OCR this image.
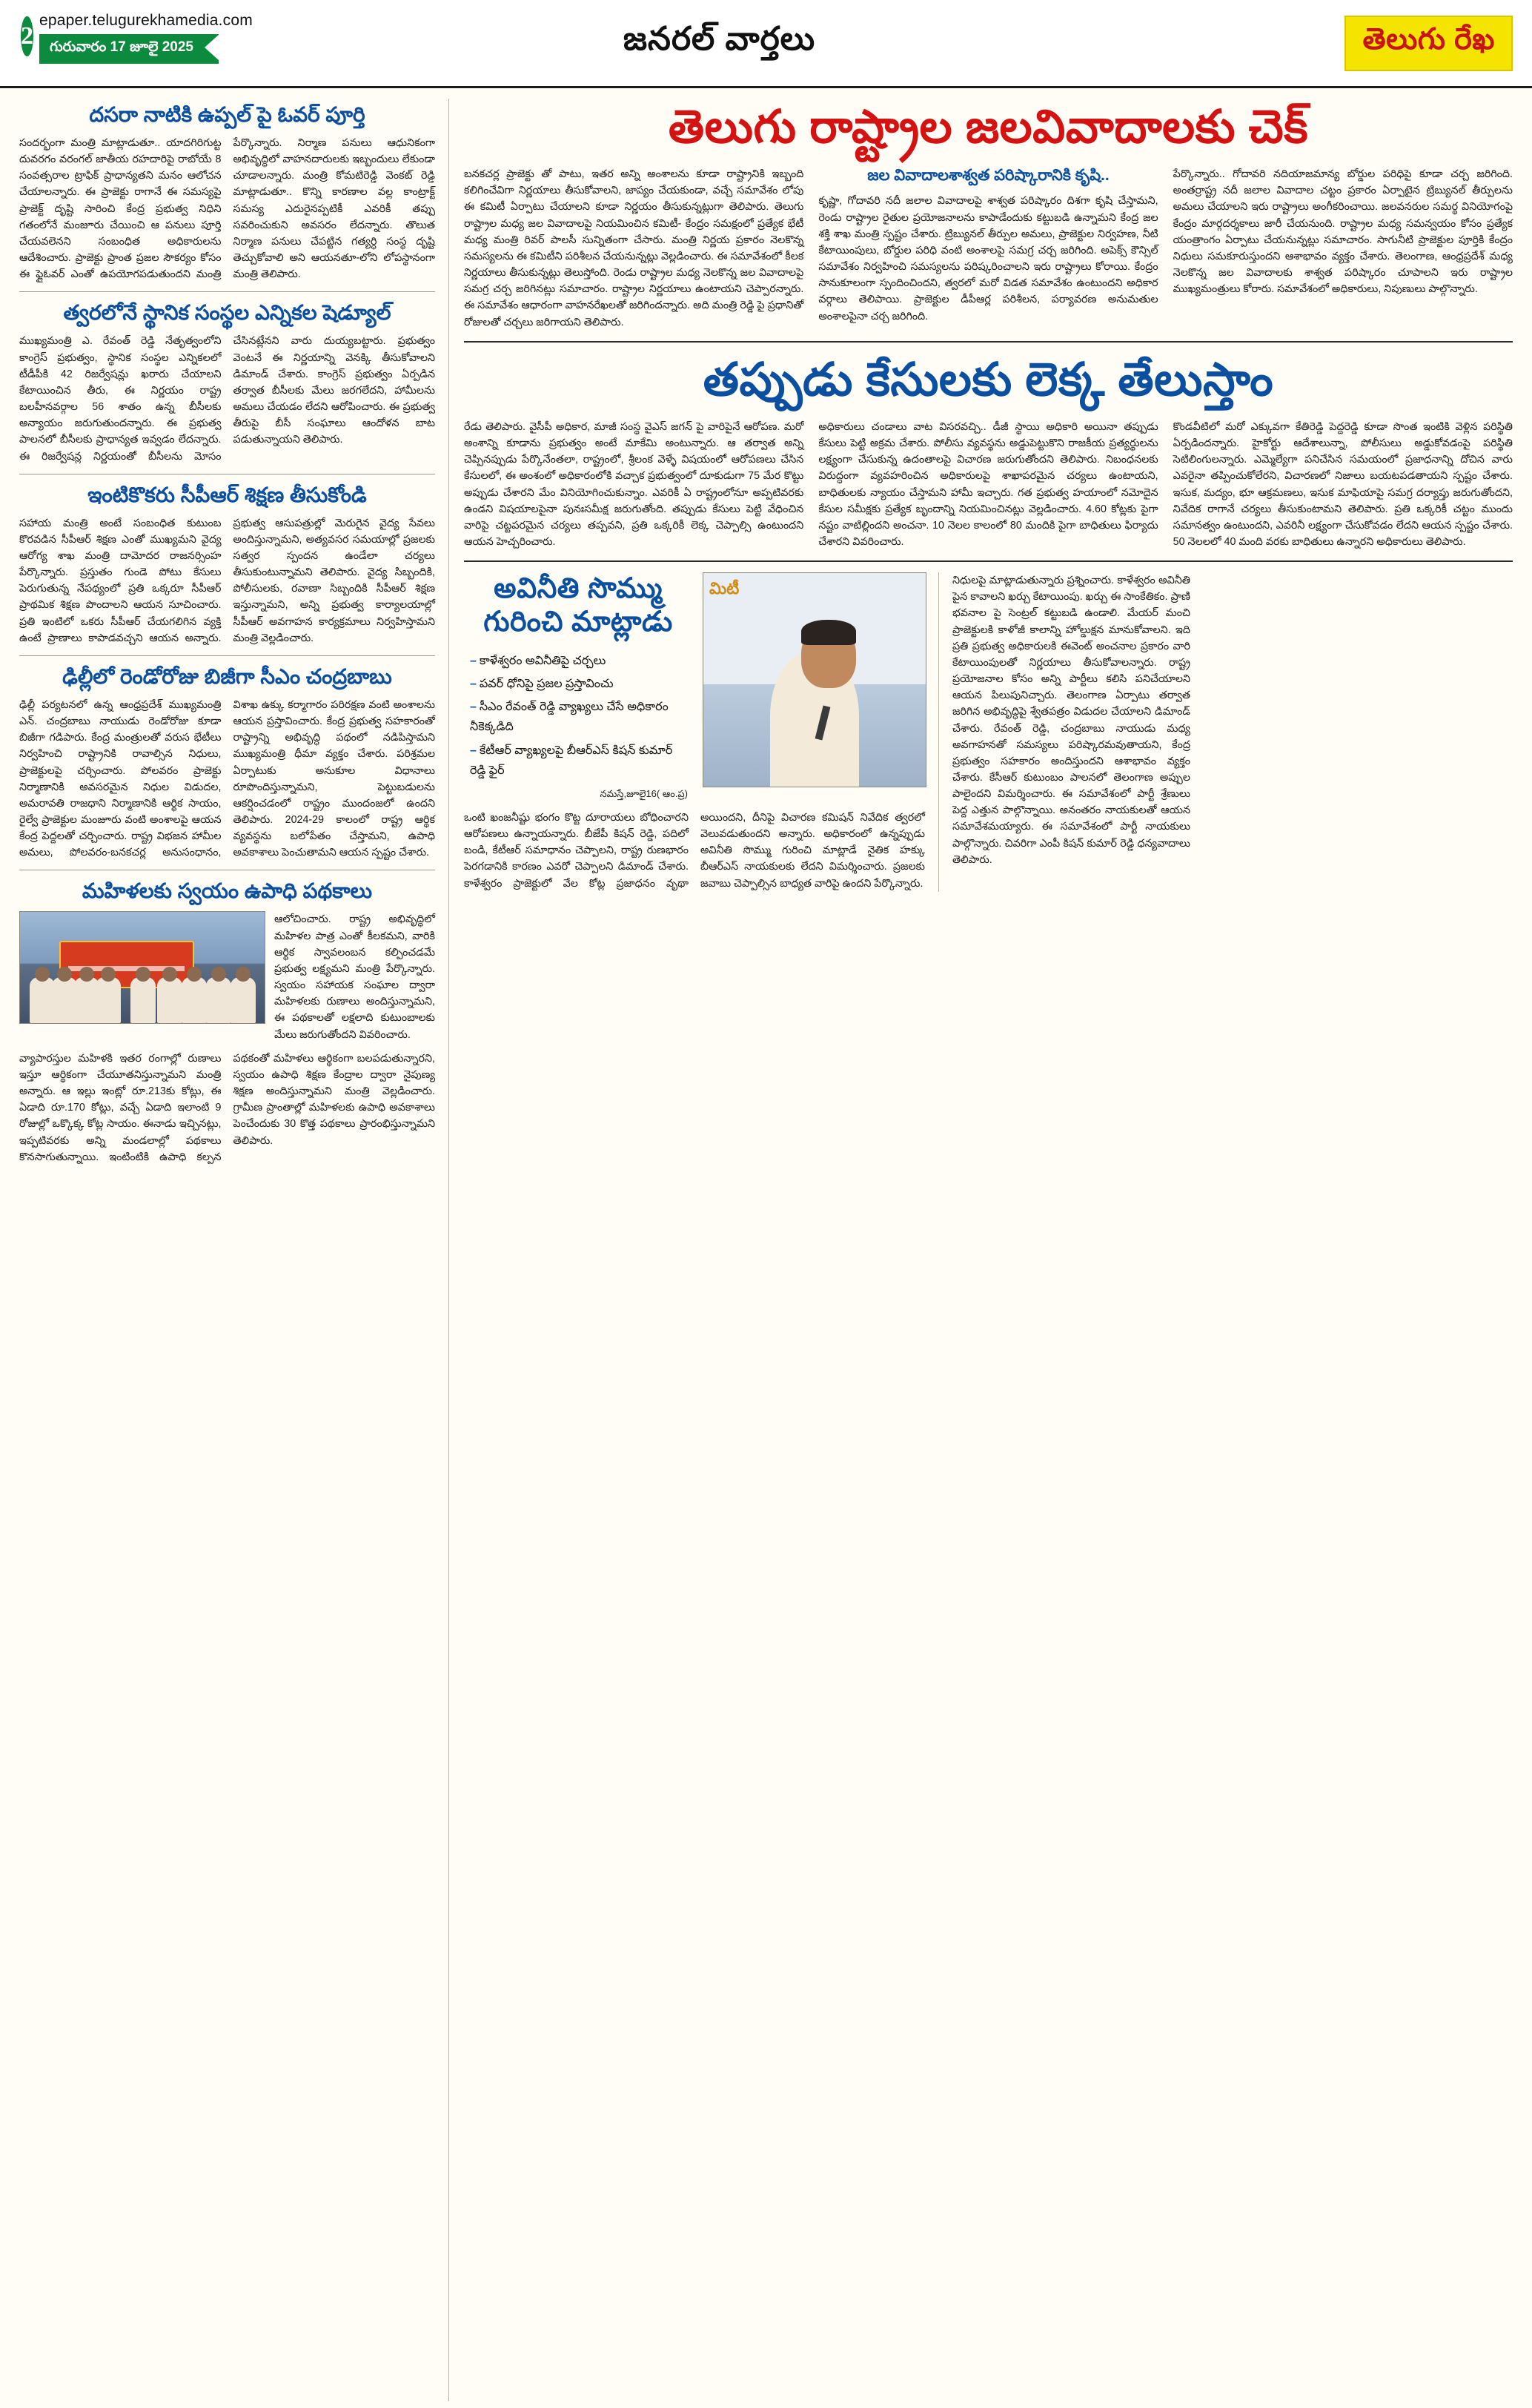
2
epaper.telugurekhamedia.com
గురువారం 17 జూలై 2025	జనరల్ వార్తలు	తెలుగు రేఖ
దసరా నాటికి ఉప్పల్ పై ఓవర్ పూర్తి
సందర్భంగా మంత్రి మాట్లాడుతూ.. యాదగిరిగుట్ట దువరగం వరంగల్ జాతీయ రహదారిపై రాబోయే 8 సంవత్సరాల ట్రాఫిక్ ప్రాధాన్యతని మనం ఆలోచన చేయాలన్నారు. ఈ ప్రాజెక్టు రాగానే ఈ సమస్యపై ప్రాజెక్ట్ దృష్టి సారించి కేంద్ర ప్రభుత్వ నిధిని గతంలోనే మంజూరు చేయించి ఆ పనులు పూర్తి చేయవలెనని సంబంధిత అధికారులను ఆదేశించారు. ప్రాజెక్టు ప్రాంత ప్రజల సౌకర్యం కోసం ఈ ఫ్లైఓవర్ ఎంతో ఉపయోగపడుతుందని మంత్రి పేర్కొన్నారు. నిర్మాణ పనులు ఆధునికంగా అభివృద్ధిలో వాహనదారులకు ఇబ్బందులు లేకుండా చూడాలన్నారు. మంత్రి కోమటిరెడ్డి వెంకట్ రెడ్డి మాట్లాడుతూ.. కొన్ని కారణాల వల్ల కాంట్రాక్ట్ సమస్య ఎదురైనప్పటికీ ఎవరికీ తప్పు సవరించుకుని అవసరం లేదన్నారు. తొలుత నిర్మాణ పనులు చేపట్టిన గత్యర్ధి సంస్థ దృష్టి తెచ్చుకోవాలి అని ఆయనతూ-లోని లోపస్థానంగా మంత్రి తెలిపారు.
త్వరలోనే స్థానిక సంస్థల ఎన్నికల షెడ్యూల్
ముఖ్యమంత్రి ఎ. రేవంత్ రెడ్డి నేతృత్వంలోని కాంగ్రెస్ ప్రభుత్వం, స్థానిక సంస్థల ఎన్నికలలో టీడీపీకి 42 రిజర్వేషన్లు ఖరారు చేయాలని కేటాయించిన తీరు, ఈ నిర్ణయం రాష్ట్ర బలహీనవర్గాల 56 శాతం ఉన్న బీసీలకు అన్యాయం జరుగుతుందన్నారు. ఈ ప్రభుత్వ పాలనలో బీసీలకు ప్రాధాన్యత ఇవ్వడం లేదన్నారు. ఈ రిజర్వేషన్ల నిర్ణయంతో బీసీలను మోసం చేసినట్లేనని వారు దుయ్యబట్టారు. ప్రభుత్వం వెంటనే ఈ నిర్ణయాన్ని వెనక్కి తీసుకోవాలని డిమాండ్ చేశారు. కాంగ్రెస్ ప్రభుత్వం ఏర్పడిన తర్వాత బీసీలకు మేలు జరగలేదని, హామీలను అమలు చేయడం లేదని ఆరోపించారు. ఈ ప్రభుత్వ తీరుపై బీసీ సంఘాలు ఆందోళన బాట పడుతున్నాయని తెలిపారు.
ఇంటికొకరు సీపీఆర్ శిక్షణ తీసుకోండి
సహాయ మంత్రి అంటే సంబంధిత కుటుంబ కొరవడిన సీపీఆర్ శిక్షణ ఎంతో ముఖ్యమని వైద్య ఆరోగ్య శాఖ మంత్రి దామోదర రాజనర్సింహ పేర్కొన్నారు. ప్రస్తుతం గుండె పోటు కేసులు పెరుగుతున్న నేపథ్యంలో ప్రతి ఒక్కరూ సీపీఆర్ ప్రాథమిక శిక్షణ పొందాలని ఆయన సూచించారు. ప్రతి ఇంటిలో ఒకరు సీపీఆర్ చేయగలిగిన వ్యక్తి ఉంటే ప్రాణాలు కాపాడవచ్చని ఆయన అన్నారు. ప్రభుత్వ ఆసుపత్రుల్లో మెరుగైన వైద్య సేవలు అందిస్తున్నామని, అత్యవసర సమయాల్లో ప్రజలకు సత్వర స్పందన ఉండేలా చర్యలు తీసుకుంటున్నామని తెలిపారు. వైద్య సిబ్బందికి, పోలీసులకు, రవాణా సిబ్బందికి సీపీఆర్ శిక్షణ ఇస్తున్నామని, అన్ని ప్రభుత్వ కార్యాలయాల్లో సీపీఆర్ అవగాహన కార్యక్రమాలు నిర్వహిస్తామని మంత్రి వెల్లడించారు.
ఢిల్లీలో రెండోరోజు బిజీగా సీఎం చంద్రబాబు
ఢిల్లీ పర్యటనలో ఉన్న ఆంధ్రప్రదేశ్ ముఖ్యమంత్రి ఎన్. చంద్రబాబు నాయుడు రెండోరోజు కూడా బిజీగా గడిపారు. కేంద్ర మంత్రులతో వరుస భేటీలు నిర్వహించి రాష్ట్రానికి రావాల్సిన నిధులు, ప్రాజెక్టులపై చర్చించారు. పోలవరం ప్రాజెక్టు నిర్మాణానికి అవసరమైన నిధుల విడుదల, అమరావతి రాజధాని నిర్మాణానికి ఆర్థిక సాయం, రైల్వే ప్రాజెక్టుల మంజూరు వంటి అంశాలపై ఆయన కేంద్ర పెద్దలతో చర్చించారు. రాష్ట్ర విభజన హామీల అమలు, పోలవరం-బనకచర్ల అనుసంధానం, విశాఖ ఉక్కు కర్మాగారం పరిరక్షణ వంటి అంశాలను ఆయన ప్రస్తావించారు. కేంద్ర ప్రభుత్వ సహకారంతో రాష్ట్రాన్ని అభివృద్ధి పథంలో నడిపిస్తామని ముఖ్యమంత్రి ధీమా వ్యక్తం చేశారు. పరిశ్రమల ఏర్పాటుకు అనుకూల విధానాలు రూపొందిస్తున్నామని, పెట్టుబడులను ఆకర్షించడంలో రాష్ట్రం ముందంజలో ఉందని తెలిపారు. 2024-29 కాలంలో రాష్ట్ర ఆర్థిక వ్యవస్థను బలోపేతం చేస్తామని, ఉపాధి అవకాశాలు పెంచుతామని ఆయన స్పష్టం చేశారు.
మహిళలకు స్వయం ఉపాధి పథకాలు
ఆలోచించారు. రాష్ట్ర అభివృద్ధిలో మహిళల పాత్ర ఎంతో కీలకమని, వారికి ఆర్థిక స్వావలంబన కల్పించడమే ప్రభుత్వ లక్ష్యమని మంత్రి పేర్కొన్నారు. స్వయం సహాయక సంఘాల ద్వారా మహిళలకు రుణాలు అందిస్తున్నామని, ఈ పథకాలతో లక్షలాది కుటుంబాలకు మేలు జరుగుతోందని వివరించారు.
వ్యాపారస్తుల మహిళకి ఇతర రంగాల్లో రుణాలు ఇస్తూ ఆర్థికంగా చేయూతనిస్తున్నామని మంత్రి అన్నారు. ఆ ఇల్లు ఇంట్లో రూ.213కు కోట్లు, ఈ ఏడాది రూ.170 కోట్లు, వచ్చే ఏడాది ఇలాంటి 9 రోజుల్లో ఒక్కొక్క కోట్ల సాయం. ఈనాడు ఇచ్చినట్లు, ఇప్పటివరకు అన్ని మండలాల్లో పథకాలు కొనసాగుతున్నాయి. ఇంటింటికి ఉపాధి కల్పన పథకంతో మహిళలు ఆర్థికంగా బలపడుతున్నారని, స్వయం ఉపాధి శిక్షణ కేంద్రాల ద్వారా నైపుణ్య శిక్షణ అందిస్తున్నామని మంత్రి వెల్లడించారు. గ్రామీణ ప్రాంతాల్లో మహిళలకు ఉపాధి అవకాశాలు పెంచేందుకు 30 కొత్త పథకాలు ప్రారంభిస్తున్నామని తెలిపారు.
తెలుగు రాష్ట్రాల జలవివాదాలకు చెక్
బనకచర్ల ప్రాజెక్టు తో పాటు, ఇతర అన్ని అంశాలను కూడా రాష్ట్రానికి ఇబ్బంది కలిగించేవిగా నిర్ణయాలు తీసుకోవాలని, జాప్యం చేయకుండా, వచ్చే సమావేశం లోపు ఈ కమిటీ ఏర్పాటు చేయాలని కూడా నిర్ణయం తీసుకున్నట్లుగా తెలిపారు. తెలుగు రాష్ట్రాల మధ్య జల వివాదాలపై నియమించిన కమిటీ- కేంద్రం సమక్షంలో ప్రత్యేక భేటీ మధ్య మంత్రి రివర్ పాలసీ సున్నితంగా చేసారు. మంత్రి నిర్ణయ ప్రకారం నెలకొన్న సమస్యలను ఈ కమిటీని పరిశీలన చేయనున్నట్లు వెల్లడించారు. ఈ సమావేశంలో కీలక నిర్ణయాలు తీసుకున్నట్లు తెలుస్తోంది. రెండు రాష్ట్రాల మధ్య నెలకొన్న జల వివాదాలపై సమగ్ర చర్చ జరిగినట్లు సమాచారం. రాష్ట్రాల నిర్ణయాలు ఉంటాయని చెప్పారన్నారు. ఈ సమావేశం ఆధారంగా వాహనరేఖలతో జరిగిందన్నారు. అది మంత్రి రెడ్డి పై ప్రధానితో రోజులతో చర్చలు జరిగాయని తెలిపారు.
జల వివాదాలశాశ్వత పరిష్కారానికి కృషి..
కృష్ణా, గోదావరి నదీ జలాల వివాదాలపై శాశ్వత పరిష్కారం దిశగా కృషి చేస్తామని, రెండు రాష్ట్రాల రైతుల ప్రయోజనాలను కాపాడేందుకు కట్టుబడి ఉన్నామని కేంద్ర జల శక్తి శాఖ మంత్రి స్పష్టం చేశారు. ట్రిబ్యునల్ తీర్పుల అమలు, ప్రాజెక్టుల నిర్వహణ, నీటి కేటాయింపులు, బోర్డుల పరిధి వంటి అంశాలపై సమగ్ర చర్చ జరిగింది. అపెక్స్ కౌన్సిల్ సమావేశం నిర్వహించి సమస్యలను పరిష్కరించాలని ఇరు రాష్ట్రాలు కోరాయి. కేంద్రం సానుకూలంగా స్పందించిందని, త్వరలో మరో విడత సమావేశం ఉంటుందని అధికార వర్గాలు తెలిపాయి. ప్రాజెక్టుల డీపీఆర్ల పరిశీలన, పర్యావరణ అనుమతుల అంశాలపైనా చర్చ జరిగింది.
పేర్కొన్నారు.. గోదావరి నదియాజమాన్య బోర్డుల పరిధిపై కూడా చర్చ జరిగింది. అంతర్రాష్ట్ర నదీ జలాల వివాదాల చట్టం ప్రకారం ఏర్పాటైన ట్రిబ్యునల్ తీర్పులను అమలు చేయాలని ఇరు రాష్ట్రాలు అంగీకరించాయి. జలవనరుల సమర్థ వినియోగంపై కేంద్రం మార్గదర్శకాలు జారీ చేయనుంది. రాష్ట్రాల మధ్య సమన్వయం కోసం ప్రత్యేక యంత్రాంగం ఏర్పాటు చేయనున్నట్లు సమాచారం. సాగునీటి ప్రాజెక్టుల పూర్తికి కేంద్రం నిధులు సమకూరుస్తుందని ఆశాభావం వ్యక్తం చేశారు. తెలంగాణ, ఆంధ్రప్రదేశ్ మధ్య నెలకొన్న జల వివాదాలకు శాశ్వత పరిష్కారం చూపాలని ఇరు రాష్ట్రాల ముఖ్యమంత్రులు కోరారు. సమావేశంలో అధికారులు, నిపుణులు పాల్గొన్నారు.
తప్పుడు కేసులకు లెక్క తేలుస్తాం
రేడు తెలిపారు. వైసీపీ అధికార, మాజీ సంస్థ వైఎస్ జగన్ పై వారిపైనే ఆరోపణ. మరో అంశాన్ని కూడాను ప్రభుత్వం అంటే మాకేమి అంటున్నారు. ఆ తర్వాత అన్ని చెప్పినప్పుడు పేర్కొనేంతలా, రాష్ట్రంలో, శ్రీలంక వెళ్ళే విషయంలో ఆరోపణలు చేసిన కేసులలో, ఈ అంశంలో అధికారంలోకి వచ్చాక ప్రభుత్వంలో దూకుడుగా 75 మేర కొట్టు అప్పుడు చేశారని మేం వినియోగించుకున్నాం. ఎవరికీ ఏ రాష్ట్రంలోనూ అప్పటివరకు ఉండని విషయాలపైనా పునఃసమీక్ష జరుగుతోంది. తప్పుడు కేసులు పెట్టి వేధించిన వారిపై చట్టపరమైన చర్యలు తప్పవని, ప్రతి ఒక్కరికీ లెక్క చెప్పాల్సి ఉంటుందని ఆయన హెచ్చరించారు.
అధికారులు చండాలు వాట విసరవచ్చి.. డీజీ స్థాయి అధికారి అయినా తప్పుడు కేసులు పెట్టి అక్రమ చేశారు. పోలీసు వ్యవస్థను అడ్డుపెట్టుకొని రాజకీయ ప్రత్యర్థులను లక్ష్యంగా చేసుకున్న ఉదంతాలపై విచారణ జరుగుతోందని తెలిపారు. నిబంధనలకు విరుద్ధంగా వ్యవహరించిన అధికారులపై శాఖాపరమైన చర్యలు ఉంటాయని, బాధితులకు న్యాయం చేస్తామని హామీ ఇచ్చారు. గత ప్రభుత్వ హయాంలో నమోదైన కేసుల సమీక్షకు ప్రత్యేక బృందాన్ని నియమించినట్లు వెల్లడించారు. 4.60 కోట్లకు పైగా నష్టం వాటిల్లిందని అంచనా. 10 నెలల కాలంలో 80 మందికి పైగా బాధితులు ఫిర్యాదు చేశారని వివరించారు.
కొండవీటిలో మరో ఎక్కువగా కేతిరెడ్డి పెద్దరెడ్డి కూడా సొంత ఇంటికి వెళ్లిన పరిస్థితి ఏర్పడిందన్నారు. హైకోర్టు ఆదేశాలున్నా, పోలీసులు అడ్డుకోవడంపై పరిస్థితి సెటిలింగులన్నారు. ఎమ్మెల్యేగా పనిచేసిన సమయంలో ప్రజాధనాన్ని దోచిన వారు ఎవరైనా తప్పించుకోలేరని, విచారణలో నిజాలు బయటపడతాయని స్పష్టం చేశారు. ఇసుక, మద్యం, భూ ఆక్రమణలు, ఇసుక మాఫియాపై సమగ్ర దర్యాప్తు జరుగుతోందని, నివేదిక రాగానే చర్యలు తీసుకుంటామని తెలిపారు. ప్రతి ఒక్కరికీ చట్టం ముందు సమానత్వం ఉంటుందని, ఎవరినీ లక్ష్యంగా చేసుకోవడం లేదని ఆయన స్పష్టం చేశారు. 50 నెలలలో 40 మంది వరకు బాధితులు ఉన్నారని అధికారులు తెలిపారు.
అవినీతి సొమ్ము
గురించి మాట్లాడు
– కాళేశ్వరం అవినీతిపై చర్చలు
– పవర్ ధోనిపై ప్రజల ప్రస్తావించు
– సీఎం రేవంత్ రెడ్డి వ్యాఖ్యలు చేసే అధికారం నీకెక్కడిది
– కేటీఆర్ వ్యాఖ్యలపై బీఆర్ఎస్ కిషన్ కుమార్ రెడ్డి ఫైర్
నమస్తే,జూలై16( ఆం.ప్ర)
మిటీ
ఒంటి ఖంజనీష్టు భంగం కొట్ట దూరాయలు బోధించారని ఆరోపణలు ఉన్నాయన్నారు. బీజేపీ కిషన్ రెడ్డి, పదిలో బండి, కేటీఆర్ సమాధానం చెప్పాలని, రాష్ట్ర రుణభారం పెరగడానికి కారణం ఎవరో చెప్పాలని డిమాండ్ చేశారు. కాళేశ్వరం ప్రాజెక్టులో వేల కోట్ల ప్రజాధనం వృథా అయిందని, దీనిపై విచారణ కమిషన్ నివేదిక త్వరలో వెలువడుతుందని అన్నారు. అధికారంలో ఉన్నప్పుడు అవినీతి సొమ్ము గురించి మాట్లాడే నైతిక హక్కు బీఆర్ఎస్ నాయకులకు లేదని విమర్శించారు. ప్రజలకు జవాబు చెప్పాల్సిన బాధ్యత వారిపై ఉందని పేర్కొన్నారు.
నిధులపై మాట్లాడుతున్నారు ప్రశ్నించారు. కాళేశ్వరం అవినీతి పైన కావాలని ఖర్చు కేటాయింపు. ఖర్చు ఈ సాంకేతికం. ప్రాణి భవనాల పై సెంట్రల్ కట్టుబడి ఉండాలి. మేయర్ మంచి ప్రాజెక్టులకి కాళోజీ కాలాన్ని హోల్డుక్షన మానుకోవాలని. ఇది ప్రతి ప్రభుత్వ అధికారులకి ఈవెంట్ అంచనాల ప్రకారం వారి కేటాయింపులతో నిర్ణయాలు తీసుకోవాలన్నారు. రాష్ట్ర ప్రయోజనాల కోసం అన్ని పార్టీలు కలిసి పనిచేయాలని ఆయన పిలుపునిచ్చారు. తెలంగాణ ఏర్పాటు తర్వాత జరిగిన అభివృద్ధిపై శ్వేతపత్రం విడుదల చేయాలని డిమాండ్ చేశారు. రేవంత్ రెడ్డి, చంద్రబాబు నాయుడు మధ్య అవగాహనతో సమస్యలు పరిష్కారమవుతాయని, కేంద్ర ప్రభుత్వం సహకారం అందిస్తుందని ఆశాభావం వ్యక్తం చేశారు. కేసీఆర్ కుటుంబం పాలనలో తెలంగాణ అప్పుల పాలైందని విమర్శించారు. ఈ సమావేశంలో పార్టీ శ్రేణులు పెద్ద ఎత్తున పాల్గొన్నాయి. అనంతరం నాయకులతో ఆయన సమావేశమయ్యారు. ఈ సమావేశంలో పార్టీ నాయకులు పాల్గొన్నారు. చివరిగా ఎంపీ కిషన్ కుమార్ రెడ్డి ధన్యవాదాలు తెలిపారు.
